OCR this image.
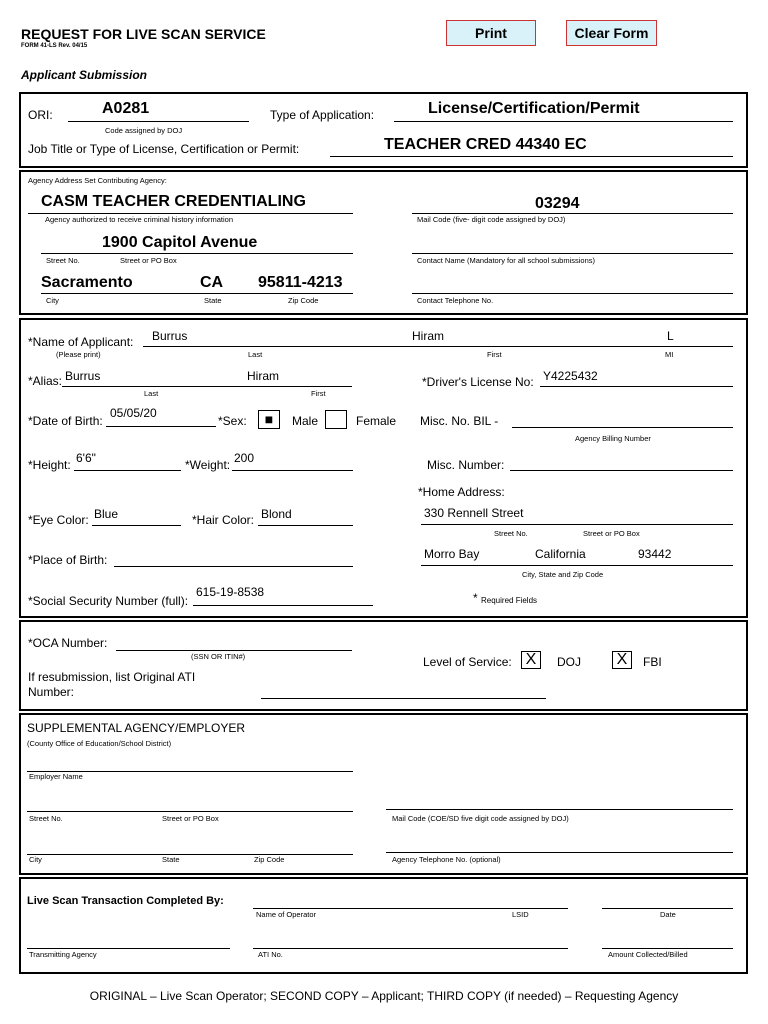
REQUEST FOR LIVE SCAN SERVICE
FORM 41-LS Rev. 04/15
Print	Clear Form
Applicant Submission
ORI:	A0281
Code assigned by DOJ
Type of Application:	License/Certification/Permit
Job Title or Type of License, Certification or Permit:	TEACHER CRED 44340 EC
Agency Address Set Contributing Agency:
CASM TEACHER CREDENTIALING
Agency authorized to receive criminal history information
03294
Mail Code (five- digit code assigned by DOJ)
1900 Capitol Avenue
Street No.	Street or PO Box	Contact Name (Mandatory for all school submissions)
Sacramento	CA 95811-4213
City	State	Zip Code	Contact Telephone No.
*Name of Applicant:
(Please print)
Burrus	Hiram	L
Last	First	MI
*Alias: Burrus	Hiram
Last	First
*Driver's License No: Y4225432
*Date of Birth:
05/05/20
*Sex:	■	Male	Female Misc. No. BIL -
Agency Billing Number
*Height: 6'6"	*Weight: 200	Misc. Number:
*Home Address:
*Eye Color: Blue	*Hair Color: Blond	330 Rennell Street
Street No.	Street or PO Box
*Place of Birth:	Morro Bay	California	93442
City, State and Zip Code
*Social Security Number (full):
615-19-8538	* Required Fields
*OCA Number:
(SSN OR ITIN#)
If resubmission, list Original ATI
Number:
Level of Service: X	DOJ X	FBI
SUPPLEMENTAL AGENCY/EMPLOYER
(County Office of Education/School District)
Employer Name
Street No.	Street or PO Box	Mail Code (COE/SD five digit code assigned by DOJ)
City	State	Zip Code	Agency Telephone No. (optional)
Live Scan Transaction Completed By:
Name of Operator	LSID	Date
Transmitting Agency	ATI No.	Amount Collected/Billed
ORIGINAL – Live Scan Operator; SECOND COPY – Applicant; THIRD COPY (if needed) – Requesting Agency
